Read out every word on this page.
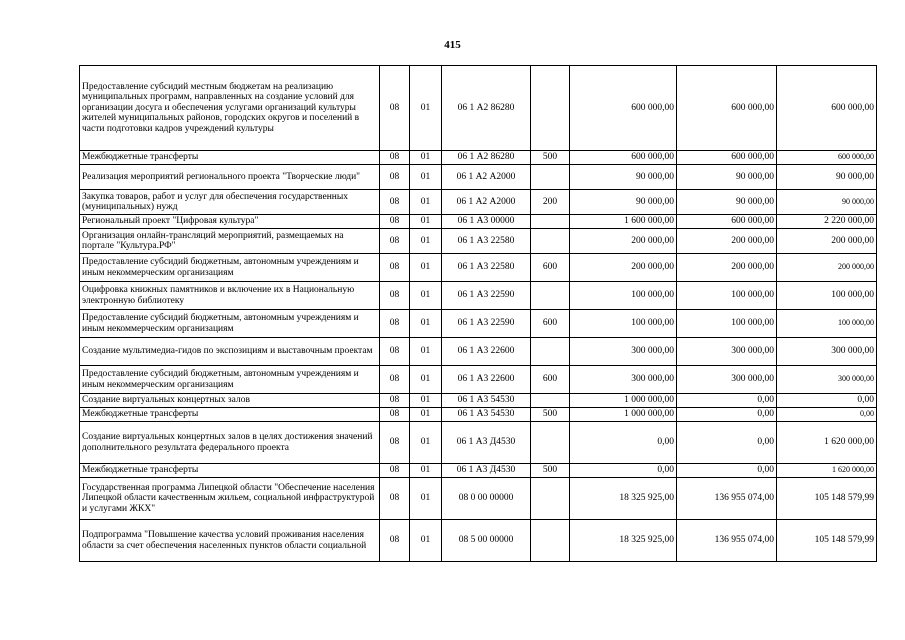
415
Предоставление субсидий местным бюджетам на реализацию муниципальных программ, направленных на создание условий для организации досуга и обеспечения услугами организаций культуры жителей муниципальных районов, городских округов и поселений в части подготовки кадров учреждений культуры	08	01	06 1 А2 86280		600 000,00	600 000,00	600 000,00
Межбюджетные трансферты	08	01	06 1 А2 86280	500	600 000,00	600 000,00	600 000,00
Реализация мероприятий регионального проекта "Творческие люди"	08	01	06 1 А2 А2000		90 000,00	90 000,00	90 000,00
Закупка товаров, работ и услуг для обеспечения государственных (муниципальных) нужд	08	01	06 1 А2 А2000	200	90 000,00	90 000,00	90 000,00
Региональный проект "Цифровая культура"	08	01	06 1 А3 00000		1 600 000,00	600 000,00	2 220 000,00
Организация онлайн-трансляций мероприятий, размещаемых на портале "Культура.РФ"	08	01	06 1 А3 22580		200 000,00	200 000,00	200 000,00
Предоставление субсидий бюджетным, автономным учреждениям и иным некоммерческим организациям	08	01	06 1 А3 22580	600	200 000,00	200 000,00	200 000,00
Оцифровка книжных памятников и включение их в Национальную электронную библиотеку	08	01	06 1 А3 22590		100 000,00	100 000,00	100 000,00
Предоставление субсидий бюджетным, автономным учреждениям и иным некоммерческим организациям	08	01	06 1 А3 22590	600	100 000,00	100 000,00	100 000,00
Создание мультимедиа-гидов по экспозициям и выставочным проектам	08	01	06 1 А3 22600		300 000,00	300 000,00	300 000,00
Предоставление субсидий бюджетным, автономным учреждениям и иным некоммерческим организациям	08	01	06 1 А3 22600	600	300 000,00	300 000,00	300 000,00
Создание виртуальных концертных залов	08	01	06 1 А3 54530		1 000 000,00	0,00	0,00
Межбюджетные трансферты	08	01	06 1 А3 54530	500	1 000 000,00	0,00	0,00
Создание виртуальных концертных залов в целях достижения значений дополнительного результата федерального проекта	08	01	06 1 А3 Д4530		0,00	0,00	1 620 000,00
Межбюджетные трансферты	08	01	06 1 А3 Д4530	500	0,00	0,00	1 620 000,00
Государственная программа Липецкой области "Обеспечение населения Липецкой области качественным жильем, социальной инфраструктурой и услугами ЖКХ"	08	01	08 0 00 00000		18 325 925,00	136 955 074,00	105 148 579,99
Подпрограмма "Повышение качества условий проживания населения области за счет обеспечения населенных пунктов области социальной	08	01	08 5 00 00000		18 325 925,00	136 955 074,00	105 148 579,99
